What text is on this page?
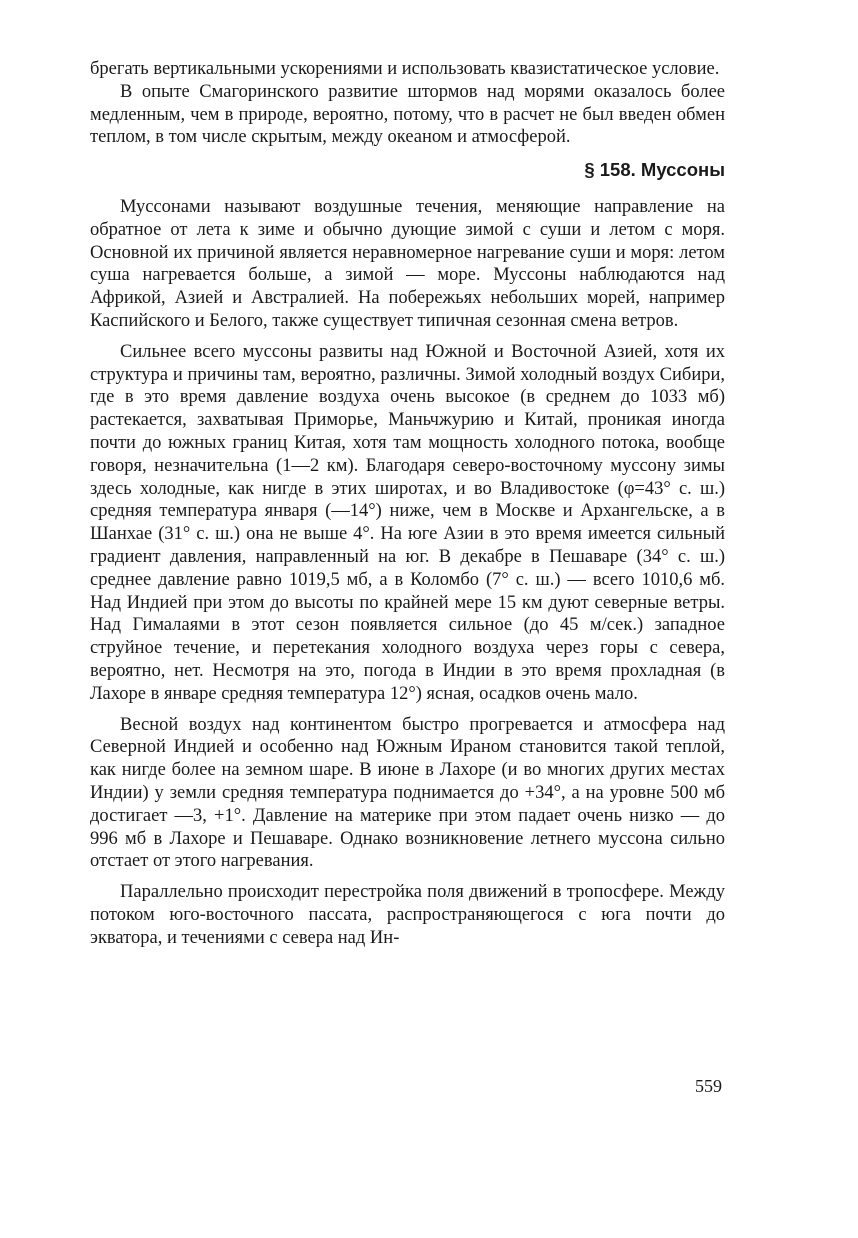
брегать вертикальными ускорениями и использовать квазистатическое условие.

В опыте Смагоринского развитие штормов над морями оказалось более медленным, чем в природе, вероятно, потому, что в расчет не был введен обмен теплом, в том числе скрытым, между океаном и атмосферой.

§ 158. Муссоны

Муссонами называют воздушные течения, меняющие направление на обратное от лета к зиме и обычно дующие зимой с суши и летом с моря. Основной их причиной является неравномерное нагревание суши и моря: летом суша нагревается больше, а зимой — море. Муссоны наблюдаются над Африкой, Азией и Австралией. На побережьях небольших морей, например Каспийского и Белого, также существует типичная сезонная смена ветров.

Сильнее всего муссоны развиты над Южной и Восточной Азией, хотя их структура и причины там, вероятно, различны. Зимой холодный воздух Сибири, где в это время давление воздуха очень высокое (в среднем до 1033 мб) растекается, захватывая Приморье, Маньчжурию и Китай, проникая иногда почти до южных границ Китая, хотя там мощность холодного потока, вообще говоря, незначительна (1—2 км). Благодаря северо-восточному муссону зимы здесь холодные, как нигде в этих широтах, и во Владивостоке (φ=43° с. ш.) средняя температура января (—14°) ниже, чем в Москве и Архангельске, а в Шанхае (31° с. ш.) она не выше 4°. На юге Азии в это время имеется сильный градиент давления, направленный на юг. В декабре в Пешаваре (34° с. ш.) среднее давление равно 1019,5 мб, а в Коломбо (7° с. ш.) — всего 1010,6 мб. Над Индией при этом до высоты по крайней мере 15 км дуют северные ветры. Над Гималаями в этот сезон появляется сильное (до 45 м/сек.) западное струйное течение, и перетекания холодного воздуха через горы с севера, вероятно, нет. Несмотря на это, погода в Индии в это время прохладная (в Лахоре в январе средняя температура 12°) ясная, осадков очень мало.

Весной воздух над континентом быстро прогревается и атмосфера над Северной Индией и особенно над Южным Ираном становится такой теплой, как нигде более на земном шаре. В июне в Лахоре (и во многих других местах Индии) у земли средняя температура поднимается до +34°, а на уровне 500 мб достигает —3, +1°. Давление на материке при этом падает очень низко — до 996 мб в Лахоре и Пешаваре. Однако возникновение летнего муссона сильно отстает от этого нагревания.

Параллельно происходит перестройка поля движений в тропосфере. Между потоком юго-восточного пассата, распространяющегося с юга почти до экватора, и течениями с севера над Ин-

559
